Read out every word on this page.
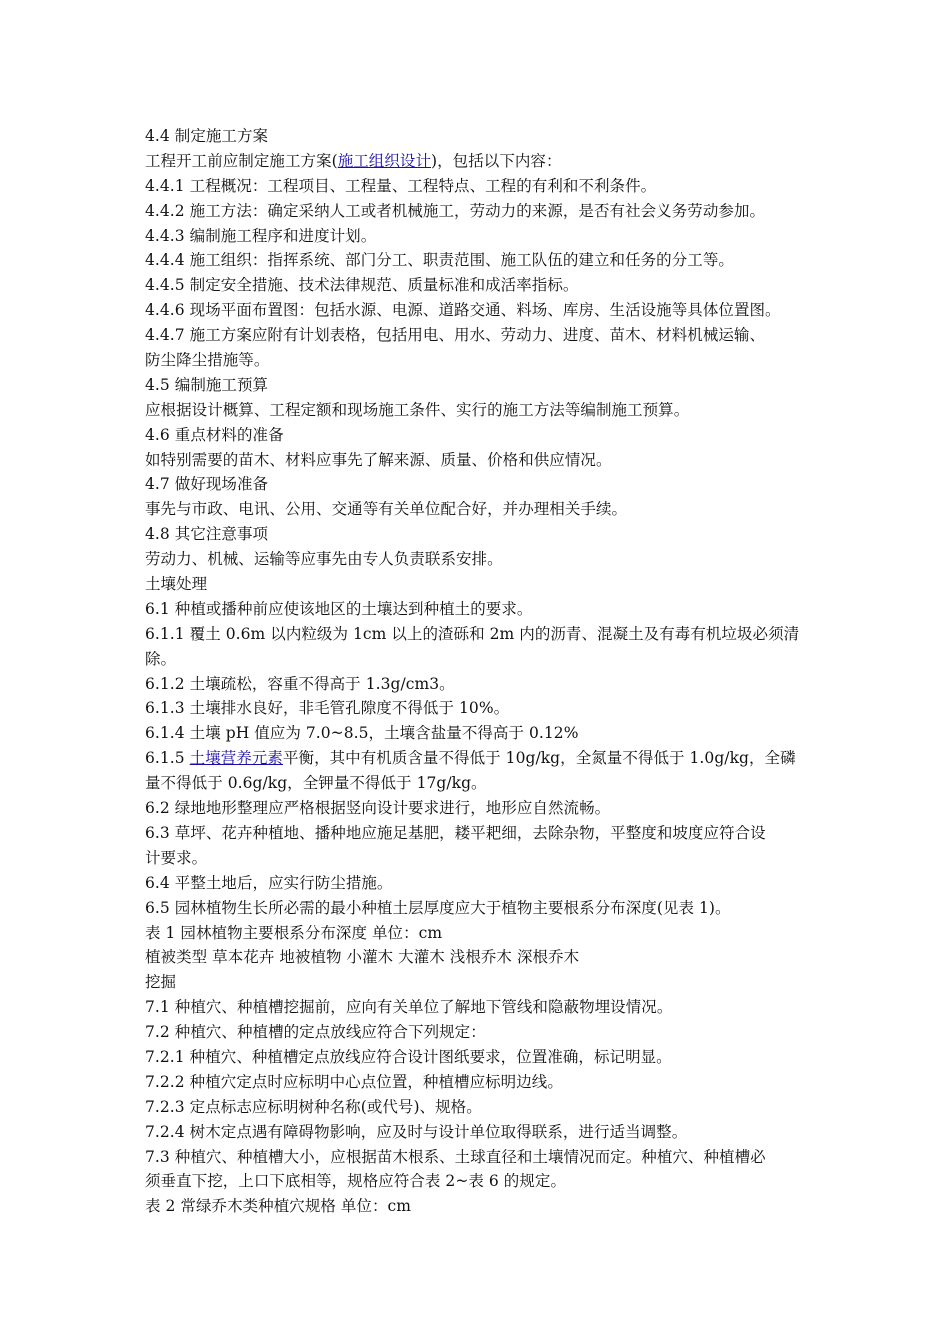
4.4 制定施工方案
工程开工前应制定施工方案(施工组织设计)，包括以下内容：
4.4.1 工程概况：工程项目、工程量、工程特点、工程的有利和不利条件。
4.4.2 施工方法：确定采纳人工或者机械施工，劳动力的来源，是否有社会义务劳动参加。
4.4.3 编制施工程序和进度计划。
4.4.4 施工组织：指挥系统、部门分工、职责范围、施工队伍的建立和任务的分工等。
4.4.5 制定安全措施、技术法律规范、质量标准和成活率指标。
4.4.6 现场平面布置图：包括水源、电源、道路交通、料场、库房、生活设施等具体位置图。
4.4.7 施工方案应附有计划表格，包括用电、用水、劳动力、进度、苗木、材料机械运输、
防尘降尘措施等。
4.5 编制施工预算
应根据设计概算、工程定额和现场施工条件、实行的施工方法等编制施工预算。
4.6 重点材料的准备
如特别需要的苗木、材料应事先了解来源、质量、价格和供应情况。
4.7 做好现场准备
事先与市政、电讯、公用、交通等有关单位配合好，并办理相关手续。
4.8 其它注意事项
劳动力、机械、运输等应事先由专人负责联系安排。
土壤处理
6.1 种植或播种前应使该地区的土壤达到种植土的要求。
6.1.1 覆土 0.6m 以内粒级为 1cm 以上的渣砾和 2m 内的沥青、混凝土及有毒有机垃圾必须清
除。
6.1.2 土壤疏松，容重不得高于 1.3g/cm3。
6.1.3 土壤排水良好，非毛管孔隙度不得低于 10%。
6.1.4 土壤 pH 值应为 7.0~8.5，土壤含盐量不得高于 0.12%
6.1.5 土壤营养元素平衡，其中有机质含量不得低于 10g/kg，全氮量不得低于 1.0g/kg，全磷
量不得低于 0.6g/kg，全钾量不得低于 17g/kg。
6.2 绿地地形整理应严格根据竖向设计要求进行，地形应自然流畅。
6.3 草坪、花卉种植地、播种地应施足基肥，耧平耙细，去除杂物，平整度和坡度应符合设
计要求。
6.4 平整土地后，应实行防尘措施。
6.5 园林植物生长所必需的最小种植土层厚度应大于植物主要根系分布深度(见表 1)。
表 1 园林植物主要根系分布深度 单位：cm
植被类型 草本花卉 地被植物 小灌木 大灌木 浅根乔木 深根乔木
挖掘
7.1 种植穴、种植槽挖掘前，应向有关单位了解地下管线和隐蔽物埋设情况。
7.2 种植穴、种植槽的定点放线应符合下列规定：
7.2.1 种植穴、种植槽定点放线应符合设计图纸要求，位置准确，标记明显。
7.2.2 种植穴定点时应标明中心点位置，种植槽应标明边线。
7.2.3 定点标志应标明树种名称(或代号)、规格。
7.2.4 树木定点遇有障碍物影响，应及时与设计单位取得联系，进行适当调整。
7.3 种植穴、种植槽大小，应根据苗木根系、土球直径和土壤情况而定。种植穴、种植槽必
须垂直下挖，上口下底相等，规格应符合表 2~表 6 的规定。
表 2 常绿乔木类种植穴规格 单位：cm
